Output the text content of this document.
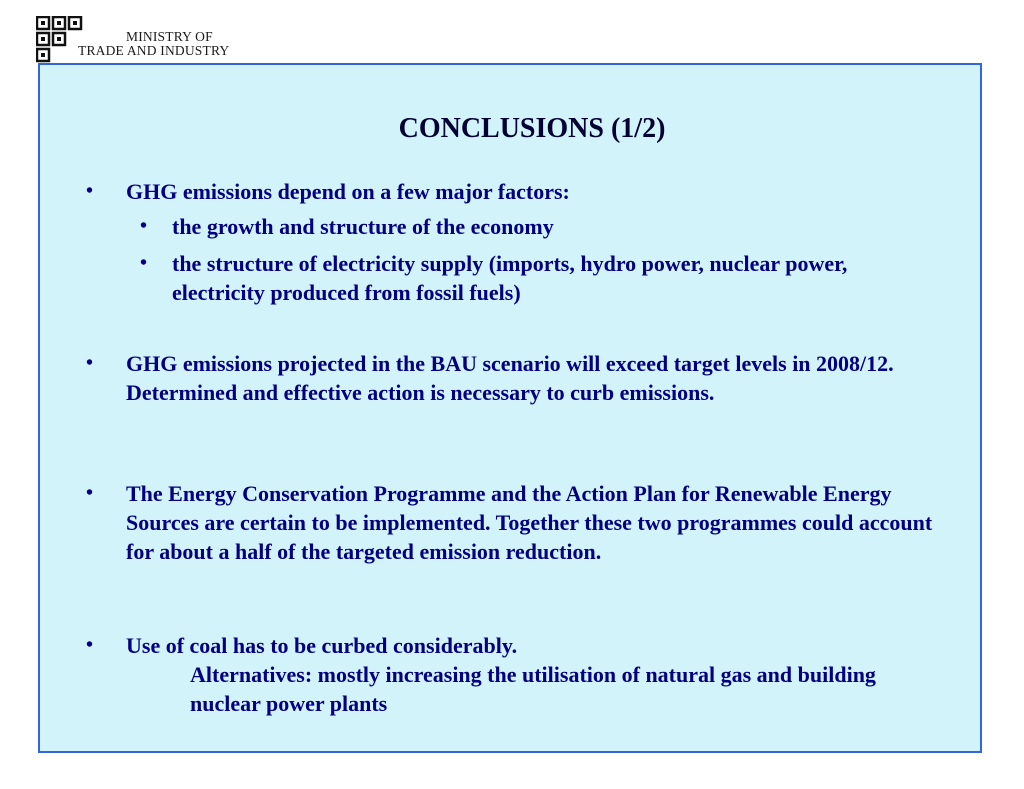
MINISTRY OF
TRADE AND INDUSTRY
CONCLUSIONS (1/2)
•	GHG emissions depend on a few major factors:
•	the growth and structure of the economy
•	the structure of electricity supply (imports, hydro power, nuclear power, electricity produced from fossil fuels)
•	GHG emissions projected in the BAU scenario will exceed target levels in 2008/12. Determined and effective action is necessary to curb emissions.
•	The Energy Conservation Programme and the Action Plan for Renewable Energy Sources are certain to be implemented. Together these two programmes could account for about a half of the targeted emission reduction.
•	Use of coal has to be curbed considerably.
Alternatives: mostly increasing the utilisation of natural gas and building nuclear power plants
